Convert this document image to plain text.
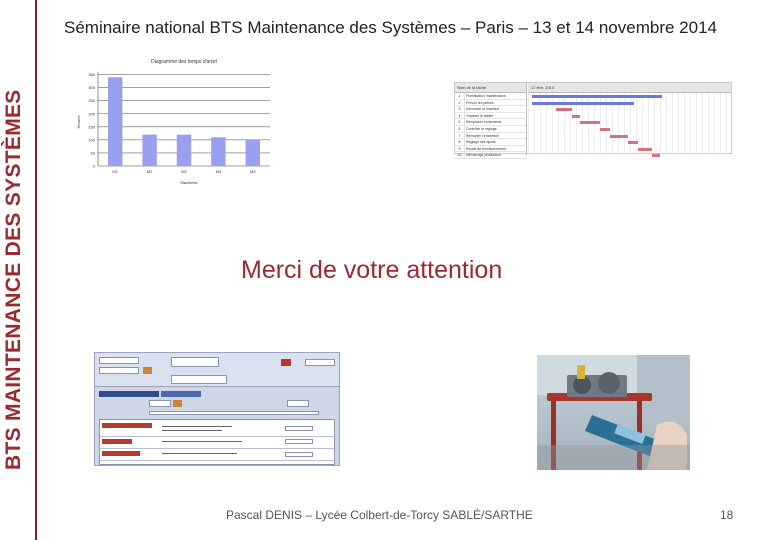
BTS MAINTENANCE DES SYSTÈMES
Séminaire national BTS Maintenance des Systèmes – Paris – 13 et 14 novembre 2014
Diagramme des temps d'arret
Heures
Machines
0
50
100
150
200
250
300
350
M1	M2	M3	M4	M5
Nom de la tâche
1 Planification maintenance
2 Prévoir les pièces
3 Démonter la machine
4 Graisser le tablier
5 Remplacer roulements
6 Contrôler le réglage
7 Remonter l'ensemble
8 Réglage des ajusts
9 Essais de fonctionnement
10 Démarrage production
17 févr. 2014
Merci de votre attention
Pascal DENIS – Lycée Colbert-de-Torcy SABLÉ/SARTHE	18
